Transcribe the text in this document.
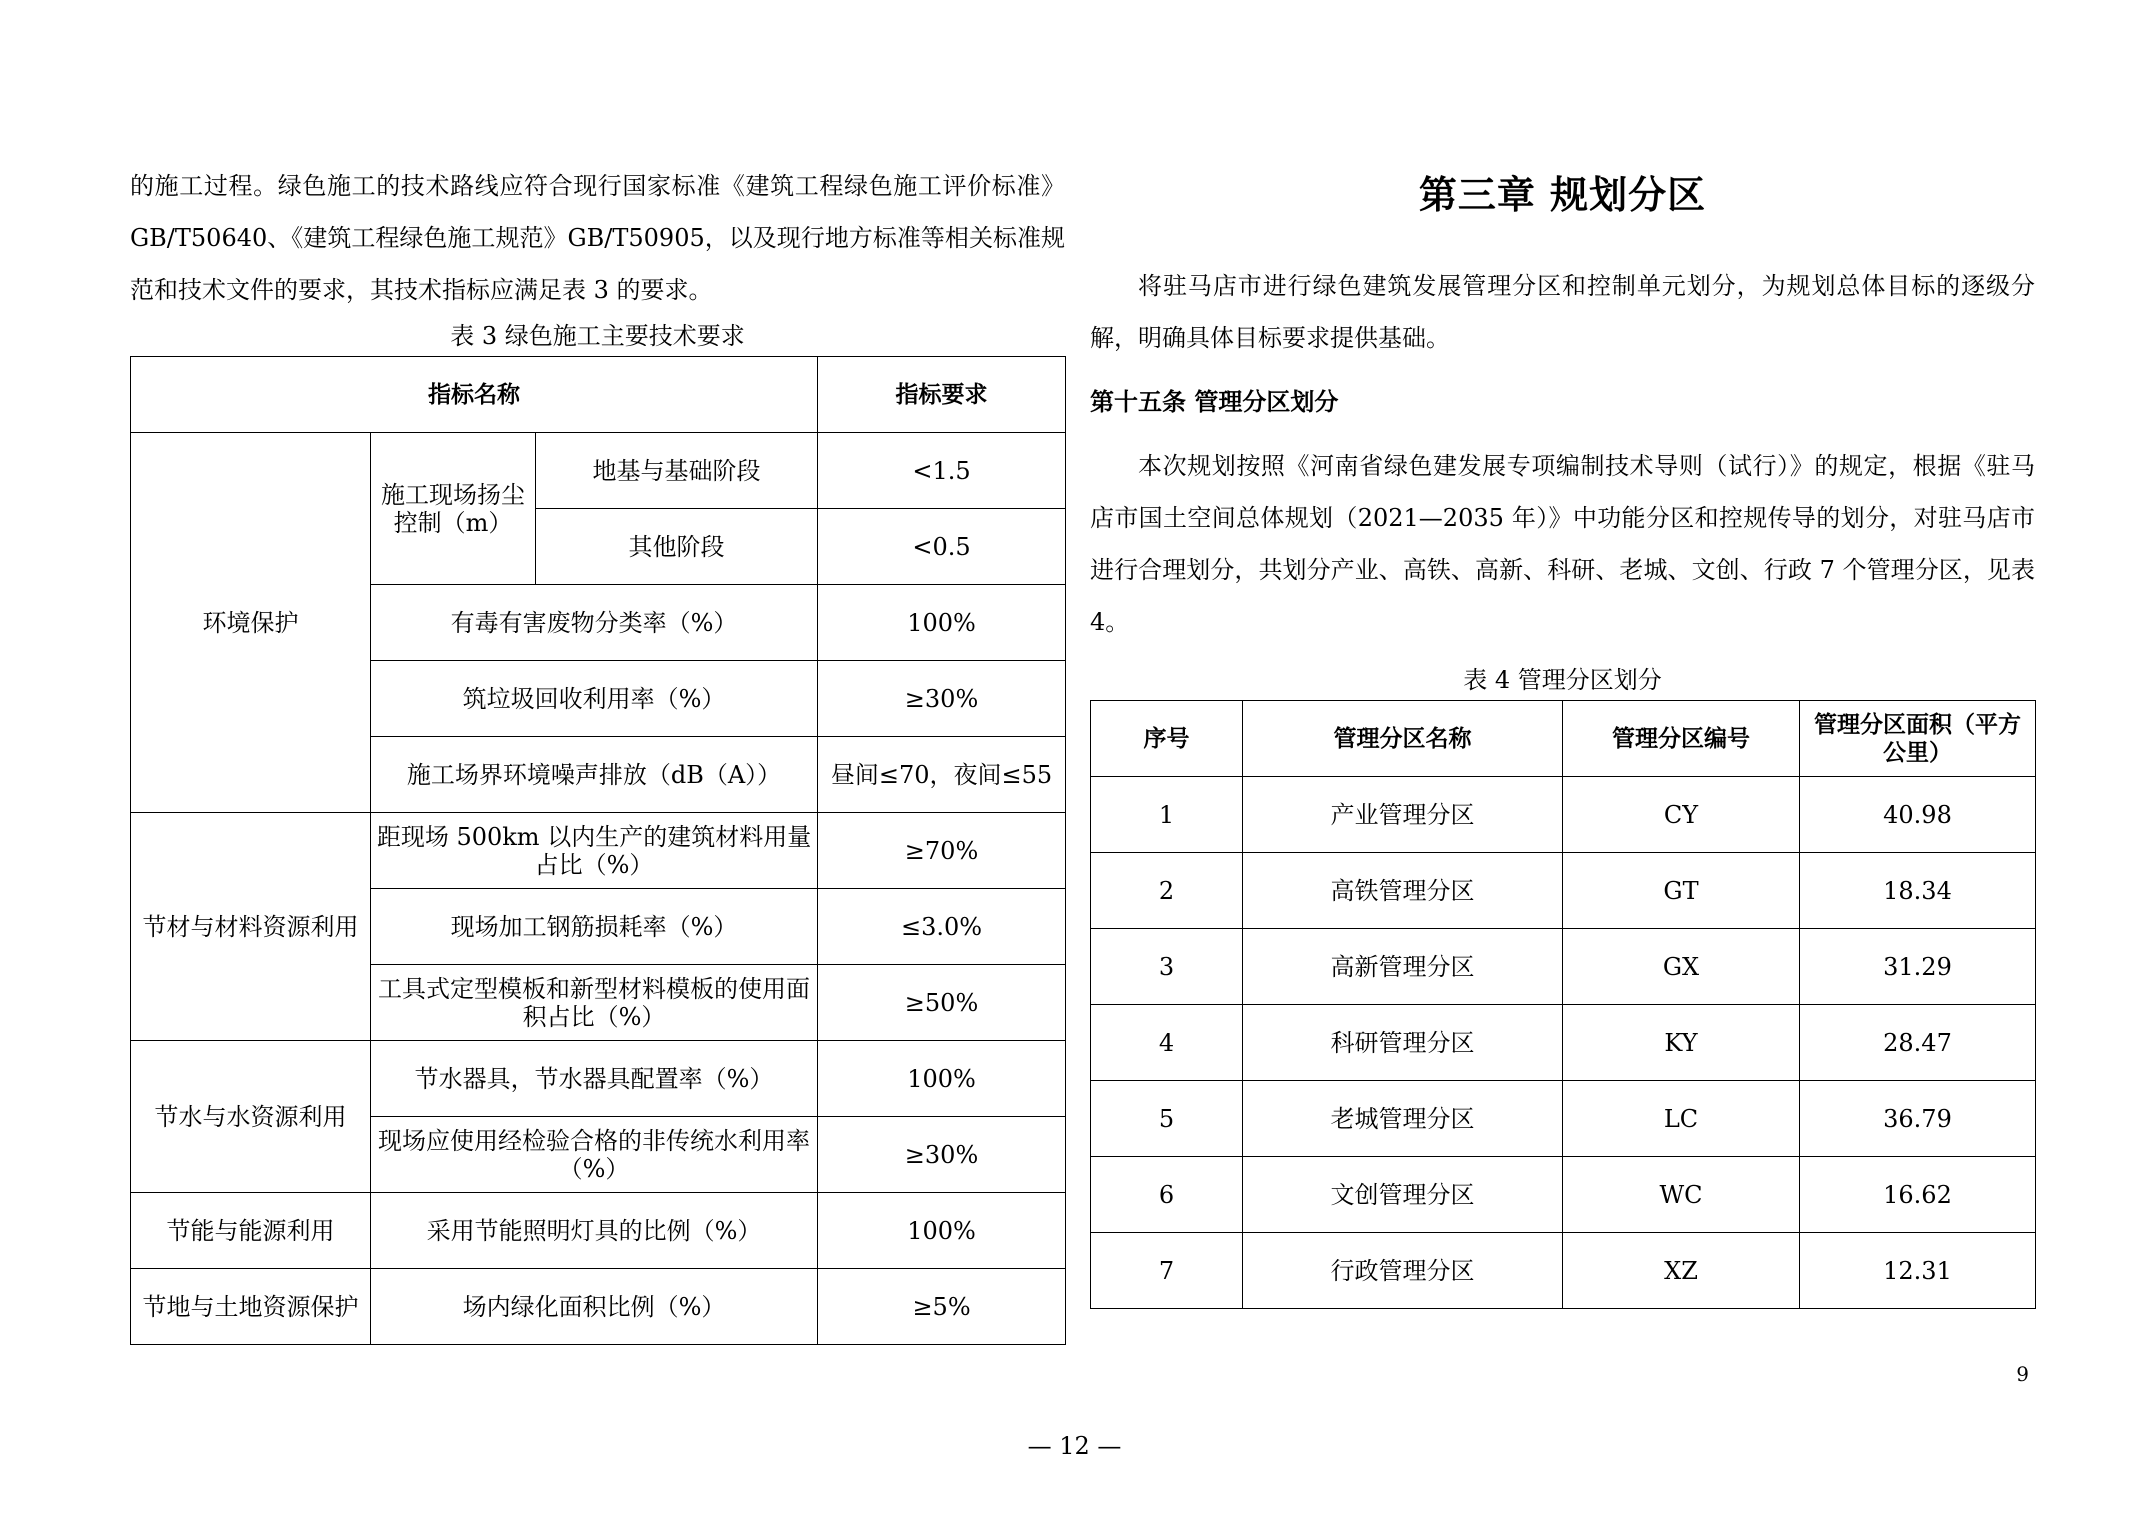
的施工过程。绿色施工的技术路线应符合现行国家标准《建筑工程绿色施工评价标准》GB/T50640、《建筑工程绿色施工规范》GB/T50905，以及现行地方标准等相关标准规范和技术文件的要求，其技术指标应满足表 3 的要求。

表 3 绿色施工主要技术要求

指标名称			指标要求
环境保护	施工现场扬尘控制（m）	地基与基础阶段	<1.5
		其他阶段	<0.5
	有毒有害废物分类率（%）		100%
	筑垃圾回收利用率（%）		≥30%
	施工场界环境噪声排放（dB（A））		昼间≤70，夜间≤55
节材与材料资源利用	距现场 500km 以内生产的建筑材料用量占比（%）		≥70%
	现场加工钢筋损耗率（%）		≤3.0%
	工具式定型模板和新型材料模板的使用面积占比（%）		≥50%
节水与水资源利用	节水器具，节水器具配置率（%）		100%
	现场应使用经检验合格的非传统水利用率（%）		≥30%
节能与能源利用	采用节能照明灯具的比例（%）		100%
节地与土地资源保护	场内绿化面积比例（%）		≥5%
第三章 规划分区

将驻马店市进行绿色建筑发展管理分区和控制单元划分，为规划总体目标的逐级分解，明确具体目标要求提供基础。

第十五条 管理分区划分

本次规划按照《河南省绿色建发展专项编制技术导则（试行）》的规定，根据《驻马店市国土空间总体规划（2021—2035 年）》中功能分区和控规传导的划分，对驻马店市进行合理划分，共划分产业、高铁、高新、科研、老城、文创、行政 7 个管理分区，见表 4。

表 4 管理分区划分

序号	管理分区名称	管理分区编号	管理分区面积（平方公里）
1	产业管理分区	CY	40.98
2	高铁管理分区	GT	18.34
3	高新管理分区	GX	31.29
4	科研管理分区	KY	28.47
5	老城管理分区	LC	36.79
6	文创管理分区	WC	16.62
7	行政管理分区	XZ	12.31
9
— 12 —
